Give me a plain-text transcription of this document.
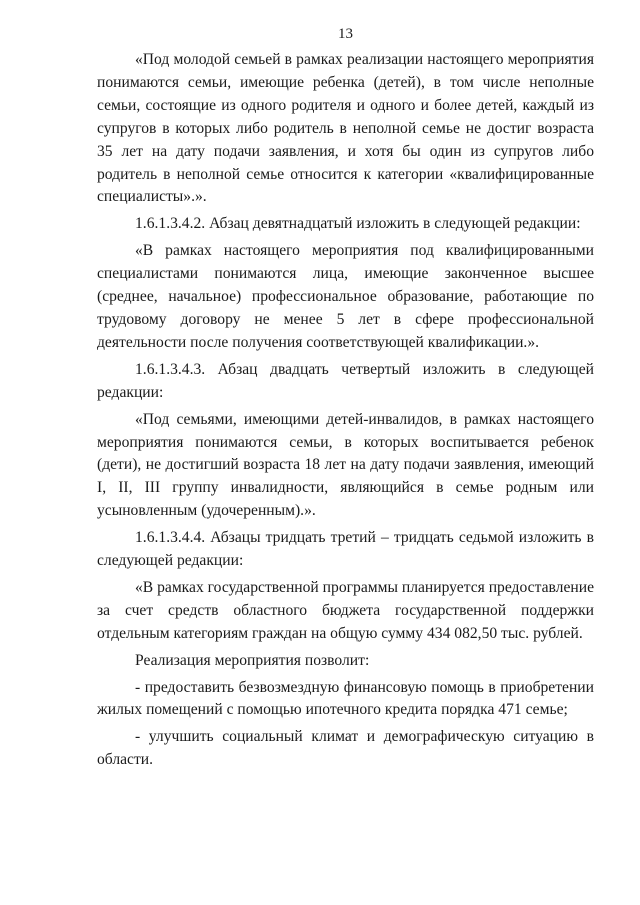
13

«Под молодой семьей в рамках реализации настоящего мероприятия понимаются семьи, имеющие ребенка (детей), в том числе неполные семьи, состоящие из одного родителя и одного и более детей, каждый из супругов в которых либо родитель в неполной семье не достиг возраста 35 лет на дату подачи заявления, и хотя бы один из супругов либо родитель в неполной семье относится к категории «квалифицированные специалисты».».

1.6.1.3.4.2. Абзац девятнадцатый изложить в следующей редакции:

«В рамках настоящего мероприятия под квалифицированными специалистами понимаются лица, имеющие законченное высшее (среднее, начальное) профессиональное образование, работающие по трудовому договору не менее 5 лет в сфере профессиональной деятельности после получения соответствующей квалификации.».

1.6.1.3.4.3. Абзац двадцать четвертый изложить в следующей редакции:

«Под семьями, имеющими детей-инвалидов, в рамках настоящего мероприятия понимаются семьи, в которых воспитывается ребенок (дети), не достигший возраста 18 лет на дату подачи заявления, имеющий I, II, III группу инвалидности, являющийся в семье родным или усыновленным (удочеренным).».

1.6.1.3.4.4. Абзацы тридцать третий – тридцать седьмой изложить в следующей редакции:

«В рамках государственной программы планируется предоставление за счет средств областного бюджета государственной поддержки отдельным категориям граждан на общую сумму 434 082,50 тыс. рублей.

Реализация мероприятия позволит:

- предоставить безвозмездную финансовую помощь в приобретении жилых помещений с помощью ипотечного кредита порядка 471 семье;

- улучшить социальный климат и демографическую ситуацию в области.
